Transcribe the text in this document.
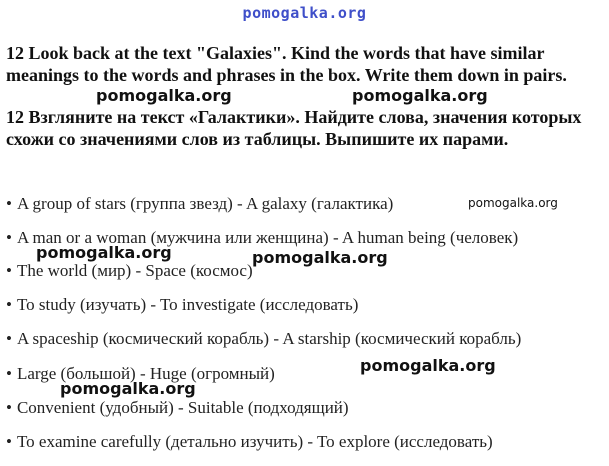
pomogalka.org
12 Look back at the text "Galaxies". Kind the words that have similar meanings to the words and phrases in the box. Write them down in pairs.
12 Взгляните на текст «Галактики». Найдите слова, значения которых схожи со значениями слов из таблицы. Выпишите их парами.
• A group of stars (группа звезд) - A galaxy (галактика)
• A man or a woman (мужчина или женщина) - A human being (человек)
• The world (мир) - Space (космос)
• To study (изучать) - To investigate (исследовать)
• A spaceship (космический корабль) - A starship (космический корабль)
• Large (большой) - Huge (огромный)
• Convenient (удобный) - Suitable (подходящий)
• To examine carefully (детально изучить) - To explore (исследовать)
pomogalka.org	pomogalka.org
pomogalka.org
pomogalka.org	pomogalka.org
pomogalka.org
pomogalka.org
